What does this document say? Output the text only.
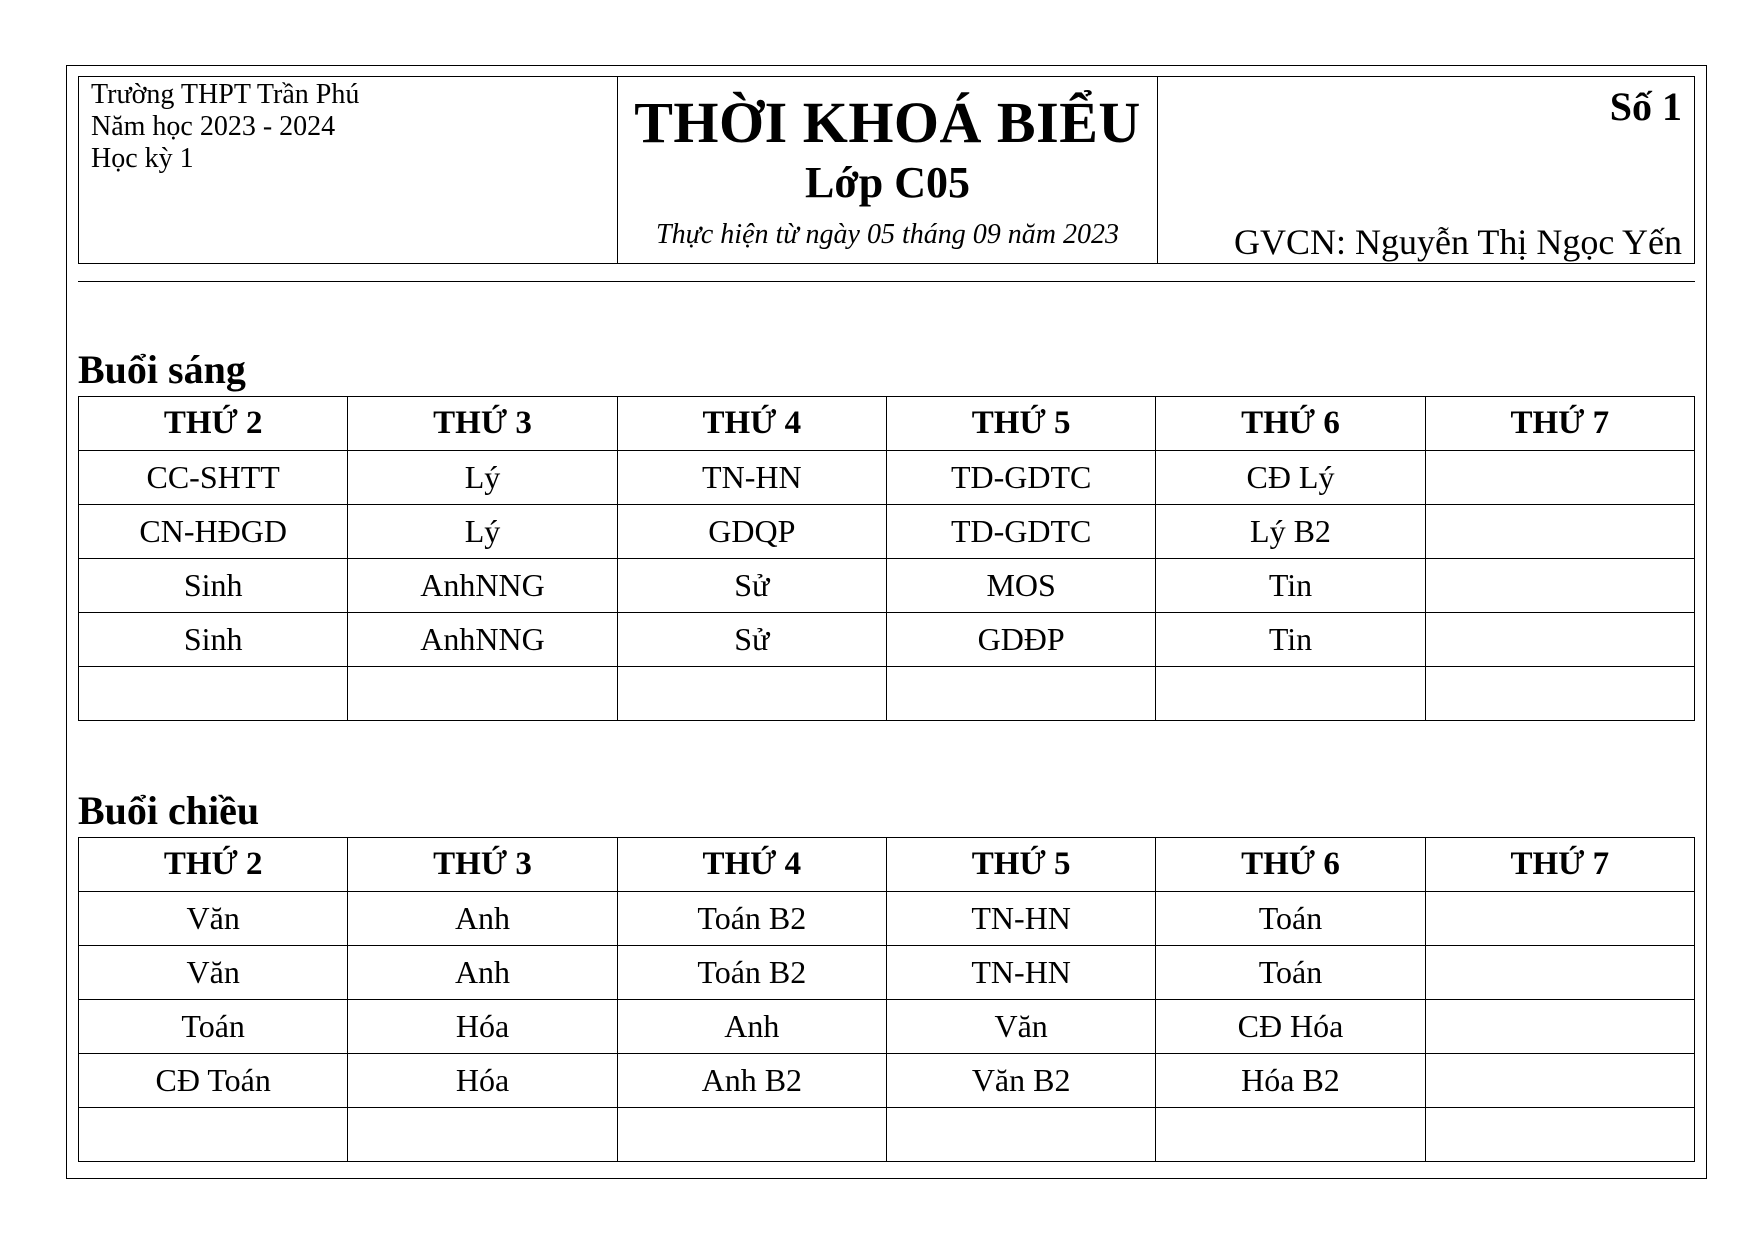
Trường THPT Trần Phú
Năm học 2023 - 2024
Học kỳ 1
THỜI KHOÁ BIỂU
Lớp C05
Thực hiện từ ngày 05 tháng 09 năm 2023
Số 1
GVCN: Nguyễn Thị Ngọc Yến
Buổi sáng
THỨ 2	THỨ 3	THỨ 4	THỨ 5	THỨ 6	THỨ 7
CC-SHTT	Lý	TN-HN	TD-GDTC	CĐ Lý	
CN-HĐGD	Lý	GDQP	TD-GDTC	Lý B2	
Sinh	AnhNNG	Sử	MOS	Tin	
Sinh	AnhNNG	Sử	GDĐP	Tin	

Buổi chiều
THỨ 2	THỨ 3	THỨ 4	THỨ 5	THỨ 6	THỨ 7
Văn	Anh	Toán B2	TN-HN	Toán	
Văn	Anh	Toán B2	TN-HN	Toán	
Toán	Hóa	Anh	Văn	CĐ Hóa	
CĐ Toán	Hóa	Anh B2	Văn B2	Hóa B2	
